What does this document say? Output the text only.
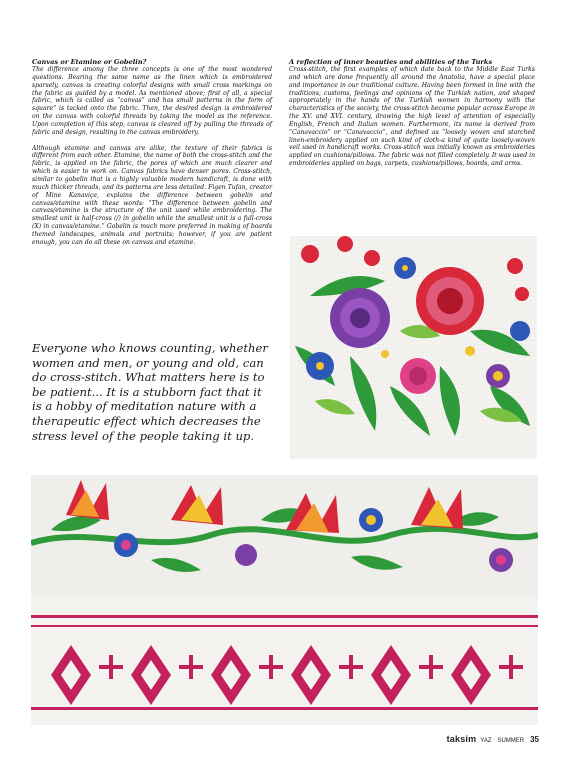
Canvas or Etamine or Gobelin?

The difference among the three concepts is one of the most wondered questions. Bearing the same name as the linen which is embroidered sparsely, canvas is creating colorful designs with small cross markings on the fabric as guided by a model. As mentioned above; first of all, a special fabric, which is called as “canvas” and has small patterns in the form of square” is tacked onto the fabric. Then, the desired design is embroidered on the canvas with colorful threads by taking the model as the reference. Upon completion of this step, canvas is cleared off by pulling the threads of fabric and design, resulting in the canvas embroidery.

Although etamine and canvas are alike, the texture of their fabrics is different from each other. Etamine, the name of both the cross-stitch and the fabric, is applied on the fabric, the pores of which are much clearer and which is easier to work on. Canvas fabrics have denser pores. Cross-stitch, similar to gobelin that is a highly valuable modern handicraft, is done with much thicker threads, and its patterns are less detailed. Figen Tufan, creator of Mine Kanaviçe, explains the difference between gobelin and canvas/etamine with these words: “The difference between gobelin and canvas/etamine is the structure of the unit used while embroidering. The smallest unit is half-cross (/) in gobelin while the smallest unit is a full-cross (X) in canvas/etamine.” Gobelin is much more preferred in making of boards themed landscapes, animals and portraits; however, if you are patient enough, you can do all these on canvas and etamine.

Everyone who knows counting, whether women and men, or young and old, can do cross-stitch. What matters here is to be patient... It is a stubborn fact that it is a hobby of meditation nature with a therapeutic effect which decreases the stress level of the people taking it up.
A reflection of inner beauties and abilities of the Turks

Cross-stitch, the first examples of which date back to the Middle East Turks and which are done frequently all around the Anatolia, have a special place and importance in our traditional culture. Having been formed in line with the traditions, customs, feelings and opinions of the Turkish nation, and shaped appropriately in the hands of the Turkish women in harmony with the characteristics of the society, the cross-stitch became popular across Europe in the XV. and XVI. century, drawing the high level of attention of especially English, French and Italian women. Furthermore, its name is derived from “Canavaccio” or “Canavaccio”, and defined as “loosely woven and starched linen-embroidery applied on such kind of cloth-a kind of quite loosely-woven veil used in handicraft works. Cross-stitch was initially known as embroideries applied on cushions/pillows. The fabric was not filled completely. It was used in embroideries applied on bags, carpets, cushions/pillows, boards, and arms.

taksim YAZ SUMMER 35
